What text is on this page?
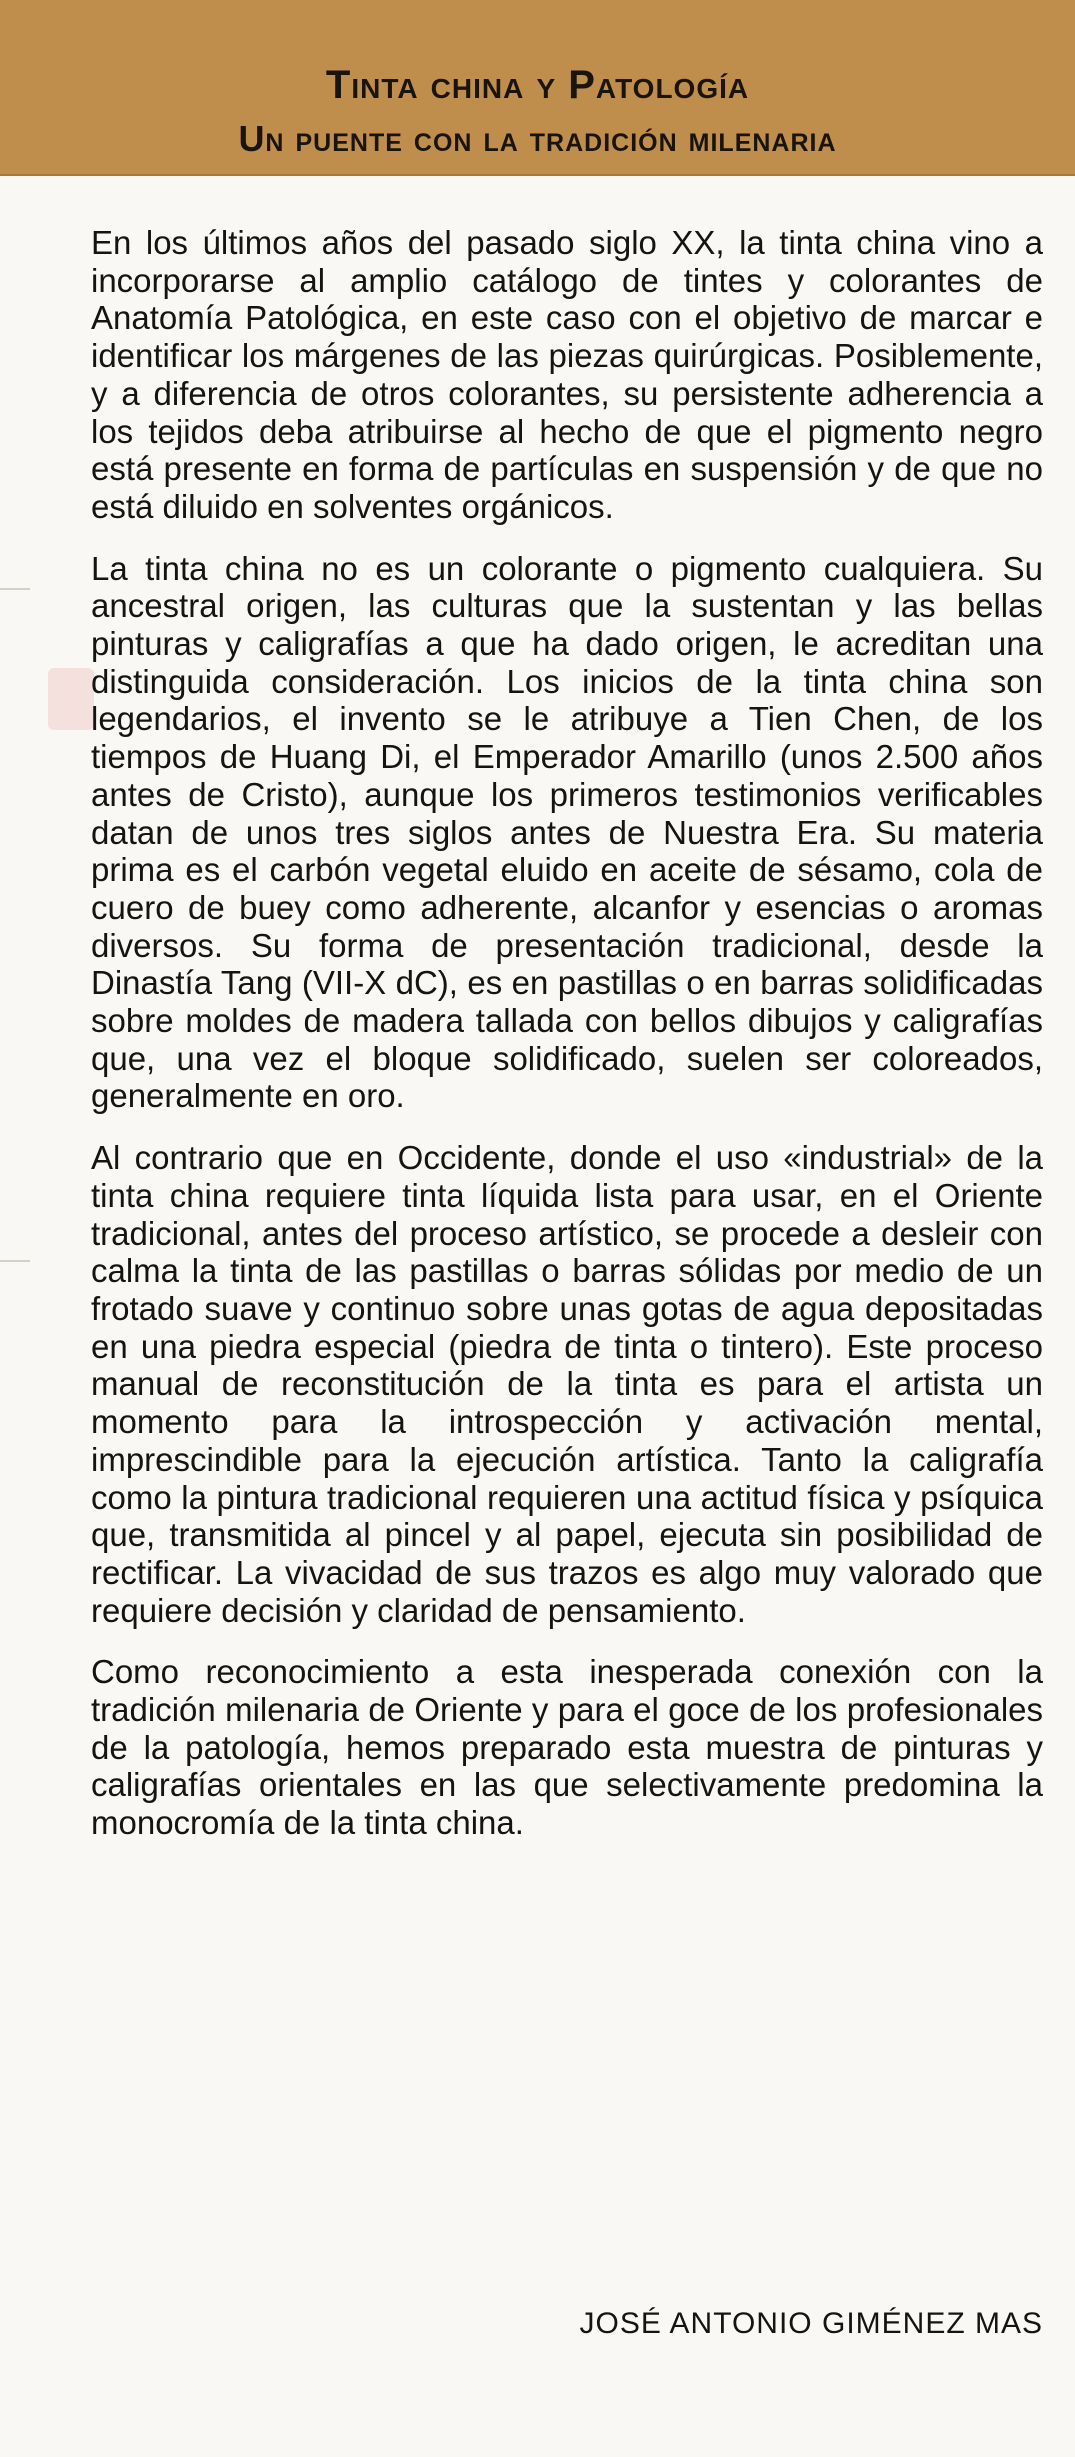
Tinta china y Patología
Un puente con la tradición milenaria

En los últimos años del pasado siglo XX, la tinta china vino a incorporarse al amplio catálogo de tintes y colorantes de Anatomía Patológica, en este caso con el objetivo de marcar e identificar los márgenes de las piezas quirúrgicas. Posiblemente, y a diferencia de otros colorantes, su persistente adherencia a los tejidos deba atribuirse al hecho de que el pigmento negro está presente en forma de partículas en suspensión y de que no está diluido en solventes orgánicos.

La tinta china no es un colorante o pigmento cualquiera. Su ancestral origen, las culturas que la sustentan y las bellas pinturas y caligrafías a que ha dado origen, le acreditan una distinguida consideración. Los inicios de la tinta china son legendarios, el invento se le atribuye a Tien Chen, de los tiempos de Huang Di, el Emperador Amarillo (unos 2.500 años antes de Cristo), aunque los primeros testimonios verificables datan de unos tres siglos antes de Nuestra Era. Su materia prima es el carbón vegetal eluido en aceite de sésamo, cola de cuero de buey como adherente, alcanfor y esencias o aromas diversos. Su forma de presentación tradicional, desde la Dinastía Tang (VII-X dC), es en pastillas o en barras solidificadas sobre moldes de madera tallada con bellos dibujos y caligrafías que, una vez el bloque solidificado, suelen ser coloreados, generalmente en oro.

Al contrario que en Occidente, donde el uso «industrial» de la tinta china requiere tinta líquida lista para usar, en el Oriente tradicional, antes del proceso artístico, se procede a desleir con calma la tinta de las pastillas o barras sólidas por medio de un frotado suave y continuo sobre unas gotas de agua depositadas en una piedra especial (piedra de tinta o tintero). Este proceso manual de reconstitución de la tinta es para el artista un momento para la introspección y activación mental, imprescindible para la ejecución artística. Tanto la caligrafía como la pintura tradicional requieren una actitud física y psíquica que, transmitida al pincel y al papel, ejecuta sin posibilidad de rectificar. La vivacidad de sus trazos es algo muy valorado que requiere decisión y claridad de pensamiento.

Como reconocimiento a esta inesperada conexión con la tradición milenaria de Oriente y para el goce de los profesionales de la patología, hemos preparado esta muestra de pinturas y caligrafías orientales en las que selectivamente predomina la monocromía de la tinta china.

JOSÉ ANTONIO GIMÉNEZ MAS
